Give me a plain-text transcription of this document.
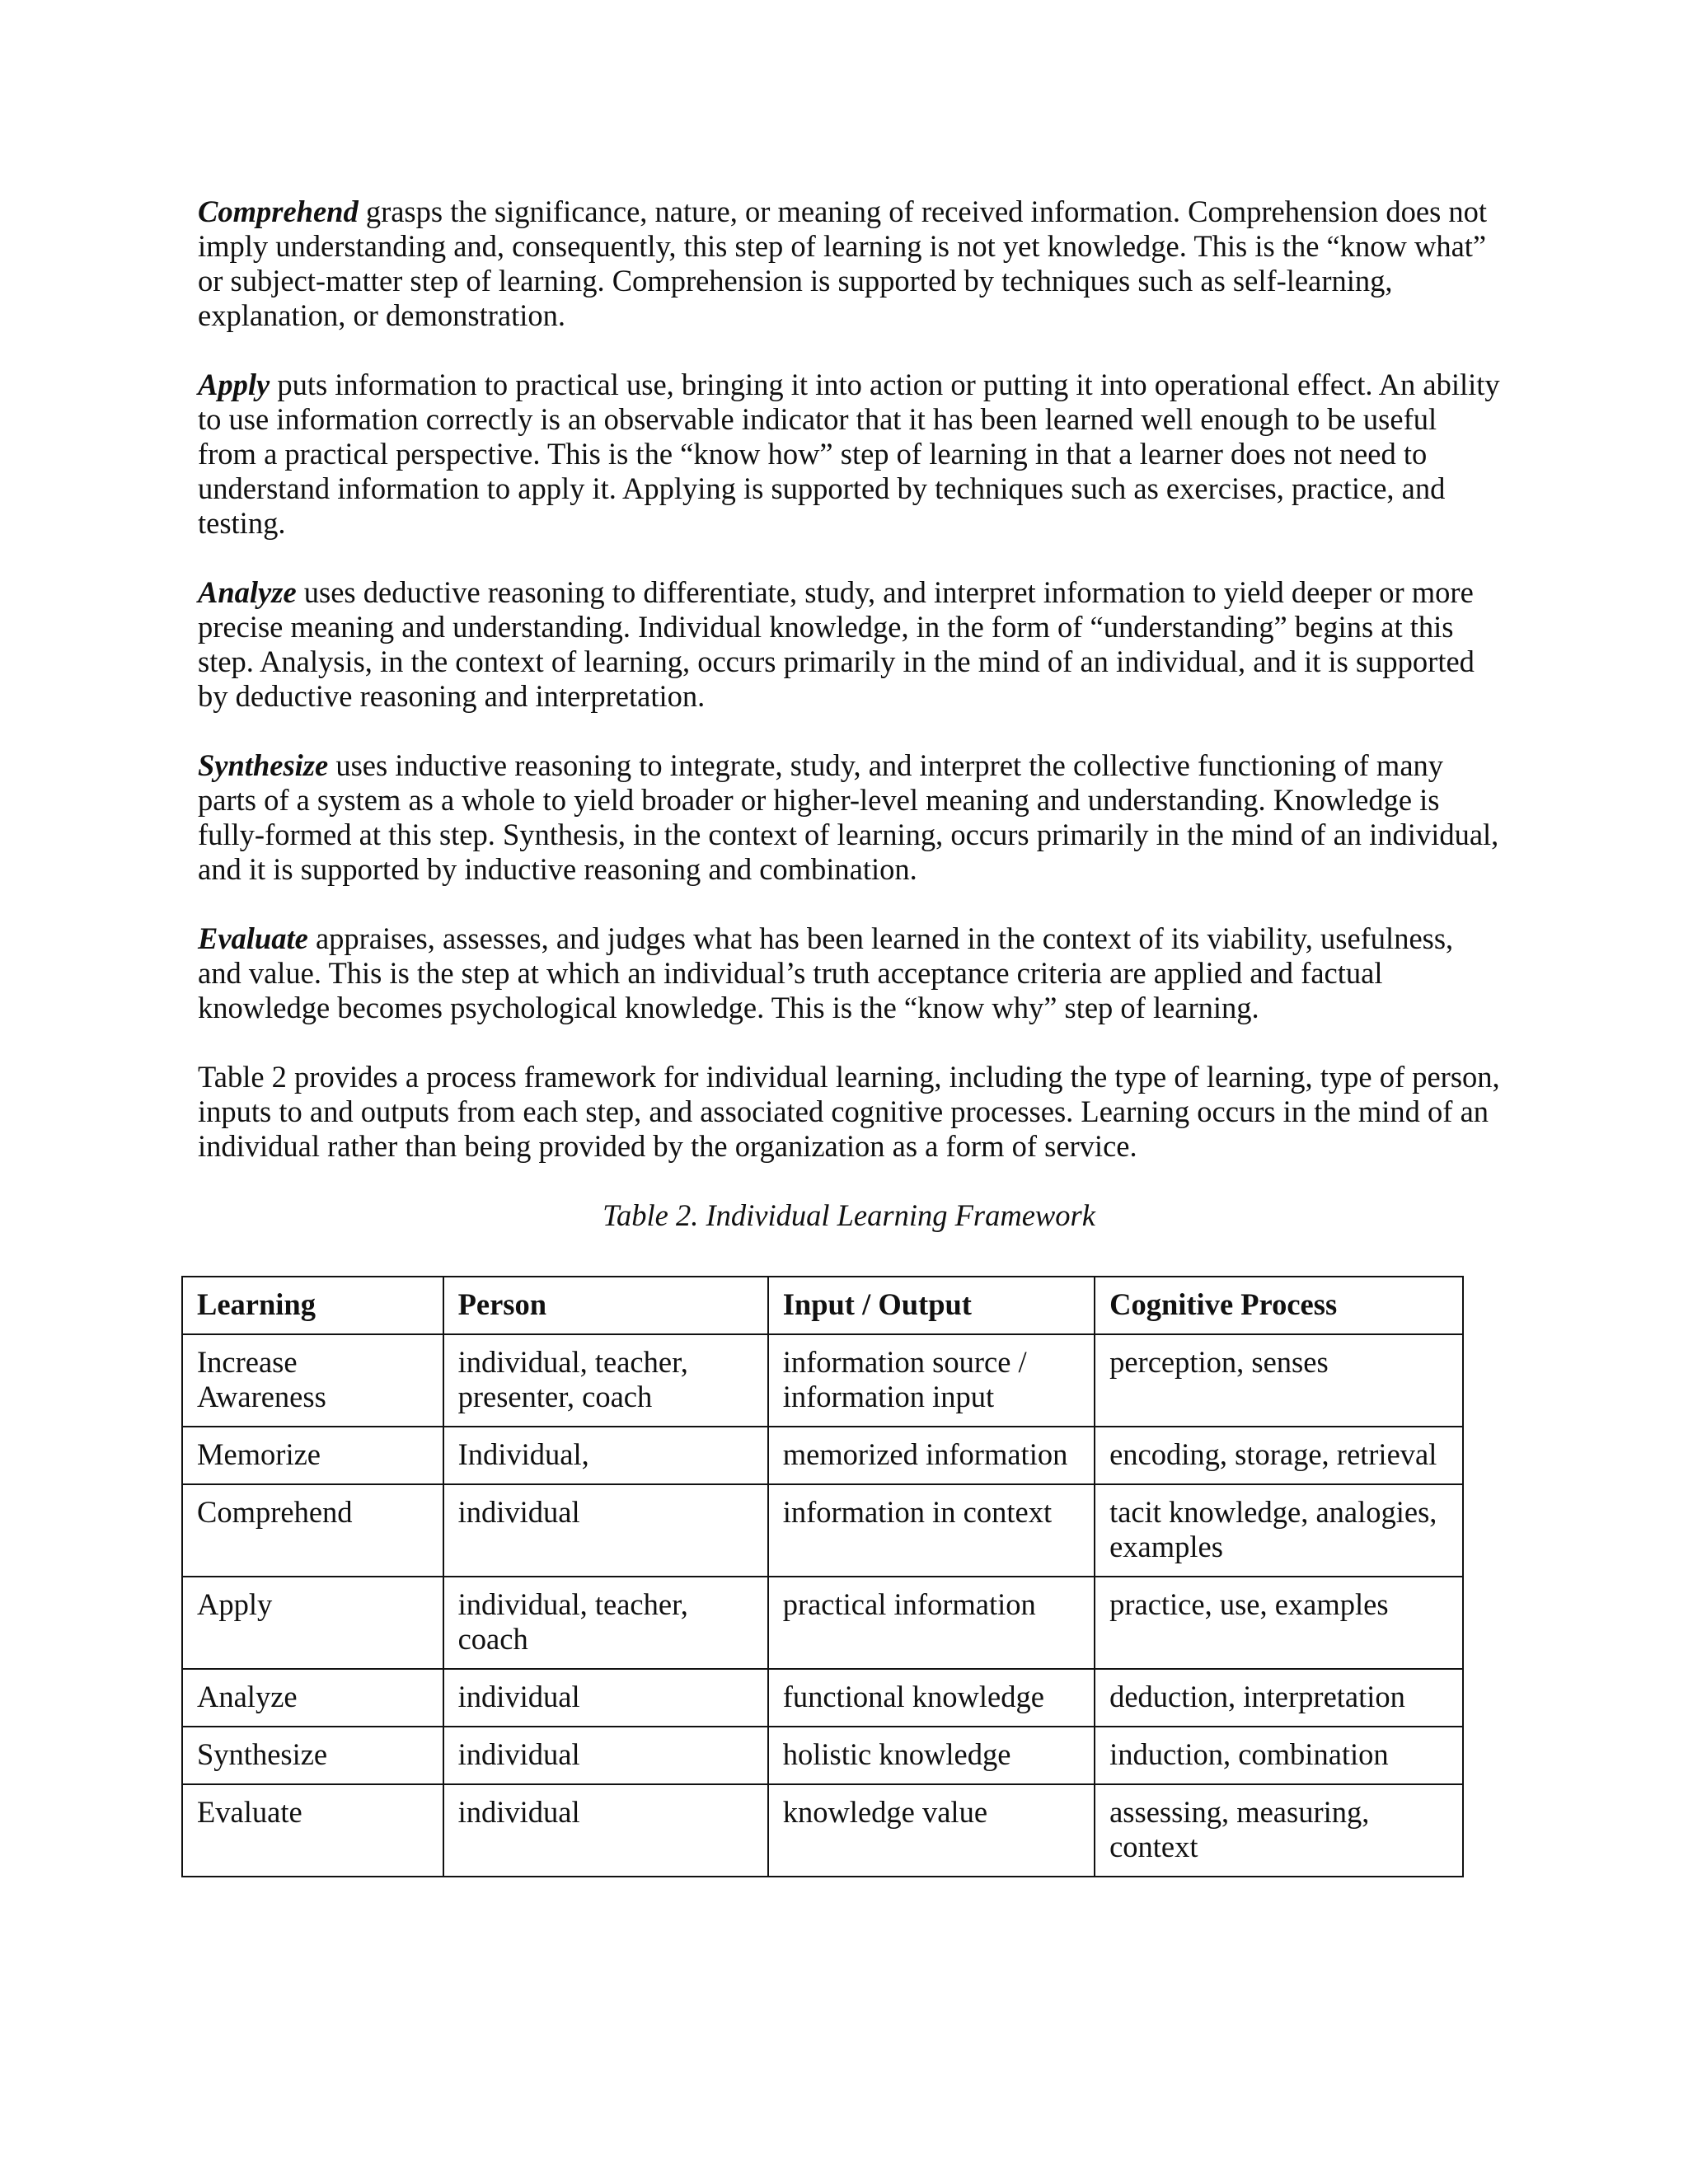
Comprehend grasps the significance, nature, or meaning of received information. Comprehension does not imply understanding and, consequently, this step of learning is not yet knowledge. This is the “know what” or subject-matter step of learning. Comprehension is supported by techniques such as self-learning, explanation, or demonstration.

Apply puts information to practical use, bringing it into action or putting it into operational effect. An ability to use information correctly is an observable indicator that it has been learned well enough to be useful from a practical perspective. This is the “know how” step of learning in that a learner does not need to understand information to apply it. Applying is supported by techniques such as exercises, practice, and testing.

Analyze uses deductive reasoning to differentiate, study, and interpret information to yield deeper or more precise meaning and understanding. Individual knowledge, in the form of “understanding” begins at this step. Analysis, in the context of learning, occurs primarily in the mind of an individual, and it is supported by deductive reasoning and interpretation.

Synthesize uses inductive reasoning to integrate, study, and interpret the collective functioning of many parts of a system as a whole to yield broader or higher-level meaning and understanding. Knowledge is fully-formed at this step. Synthesis, in the context of learning, occurs primarily in the mind of an individual, and it is supported by inductive reasoning and combination.

Evaluate appraises, assesses, and judges what has been learned in the context of its viability, usefulness, and value. This is the step at which an individual’s truth acceptance criteria are applied and factual knowledge becomes psychological knowledge. This is the “know why” step of learning.

Table 2 provides a process framework for individual learning, including the type of learning, type of person, inputs to and outputs from each step, and associated cognitive processes. Learning occurs in the mind of an individual rather than being provided by the organization as a form of service.

Table 2. Individual Learning Framework

Learning	Person	Input / Output	Cognitive Process
Increase Awareness	individual, teacher, presenter, coach	information source / information input	perception, senses
Memorize	Individual,	memorized information	encoding, storage, retrieval
Comprehend	individual	information in context	tacit knowledge, analogies, examples
Apply	individual, teacher, coach	practical information	practice, use, examples
Analyze	individual	functional knowledge	deduction, interpretation
Synthesize	individual	holistic knowledge	induction, combination
Evaluate	individual	knowledge value	assessing, measuring, context
